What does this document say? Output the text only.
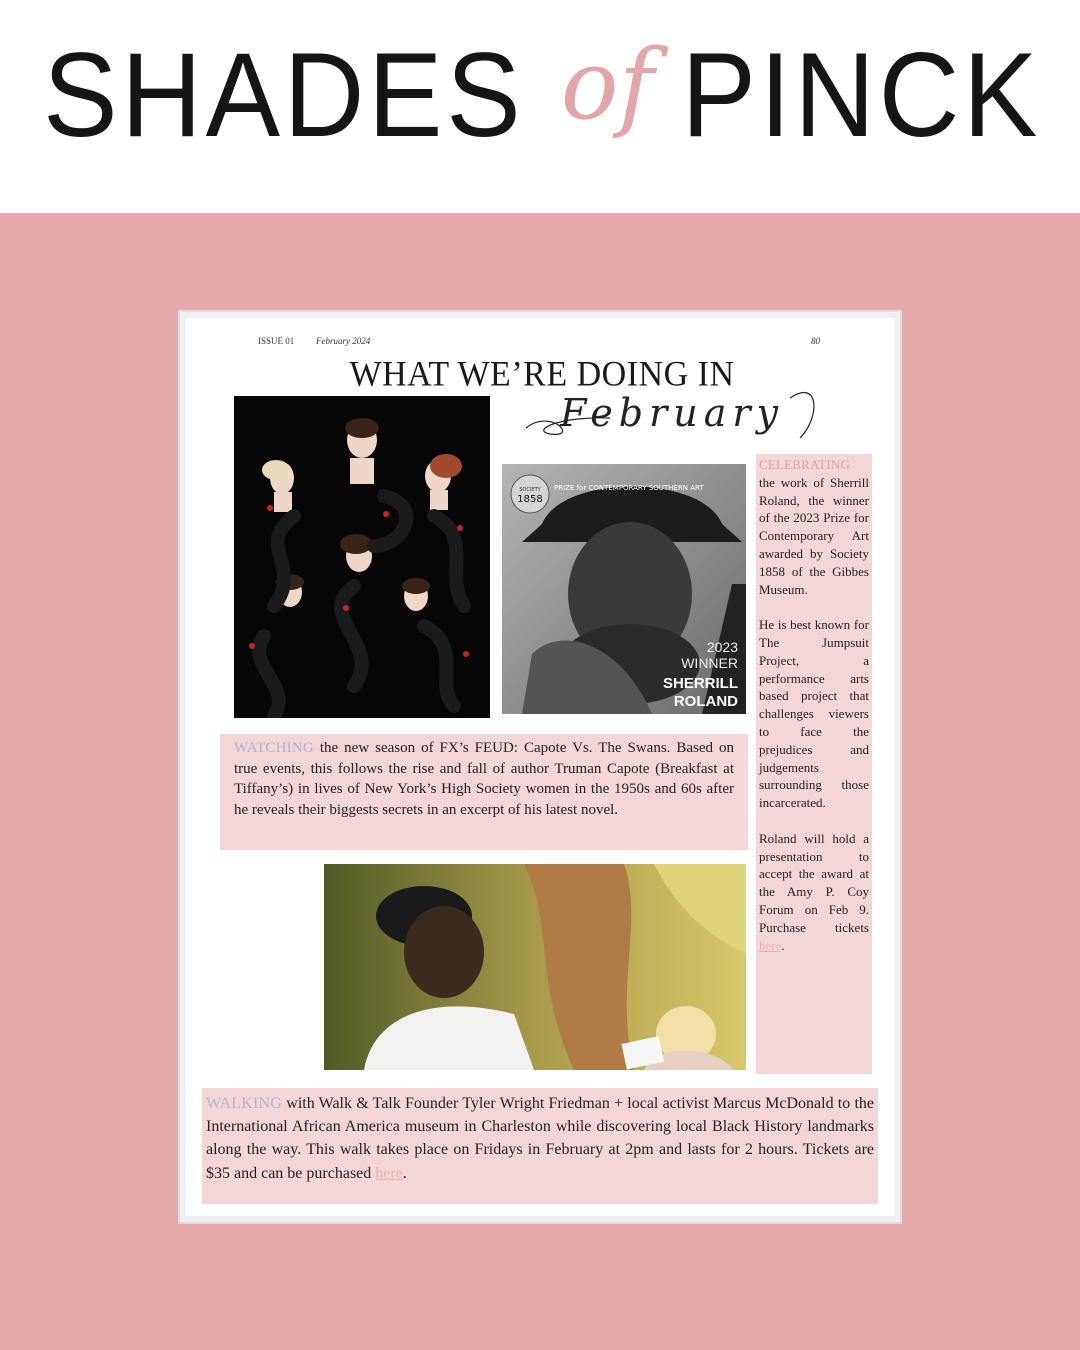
SHADES of PINCK
ISSUE 01 February 2024	80
WHAT WE’RE DOING IN
February
SOCIETY
1858
PRIZE for CONTEMPORARY SOUTHERN ART
2023
WINNER
SHERRILL
ROLAND

CELEBRATING the work of Sherrill Roland, the winner of the 2023 Prize for Contemporary Art awarded by Society 1858 of the Gibbes Museum.

He is best known for The Jumpsuit Project, a performance arts based project that challenges viewers to face the prejudices and judgements surrounding those incarcerated.

Roland will hold a presentation to accept the award at the Amy P. Coy Forum on Feb 9. Purchase tickets here.

WATCHING the new season of FX’s FEUD: Capote Vs. The Swans. Based on true events, this follows the rise and fall of author Truman Capote (Breakfast at Tiffany’s) in lives of New York’s High Society women in the 1950s and 60s after he reveals their biggests secrets in an excerpt of his latest novel.
WALKING with Walk & Talk Founder Tyler Wright Friedman + local activist Marcus McDonald to the International African America museum in Charleston while discovering local Black History landmarks along the way. This walk takes place on Fridays in February at 2pm and lasts for 2 hours. Tickets are $35 and can be purchased here.
